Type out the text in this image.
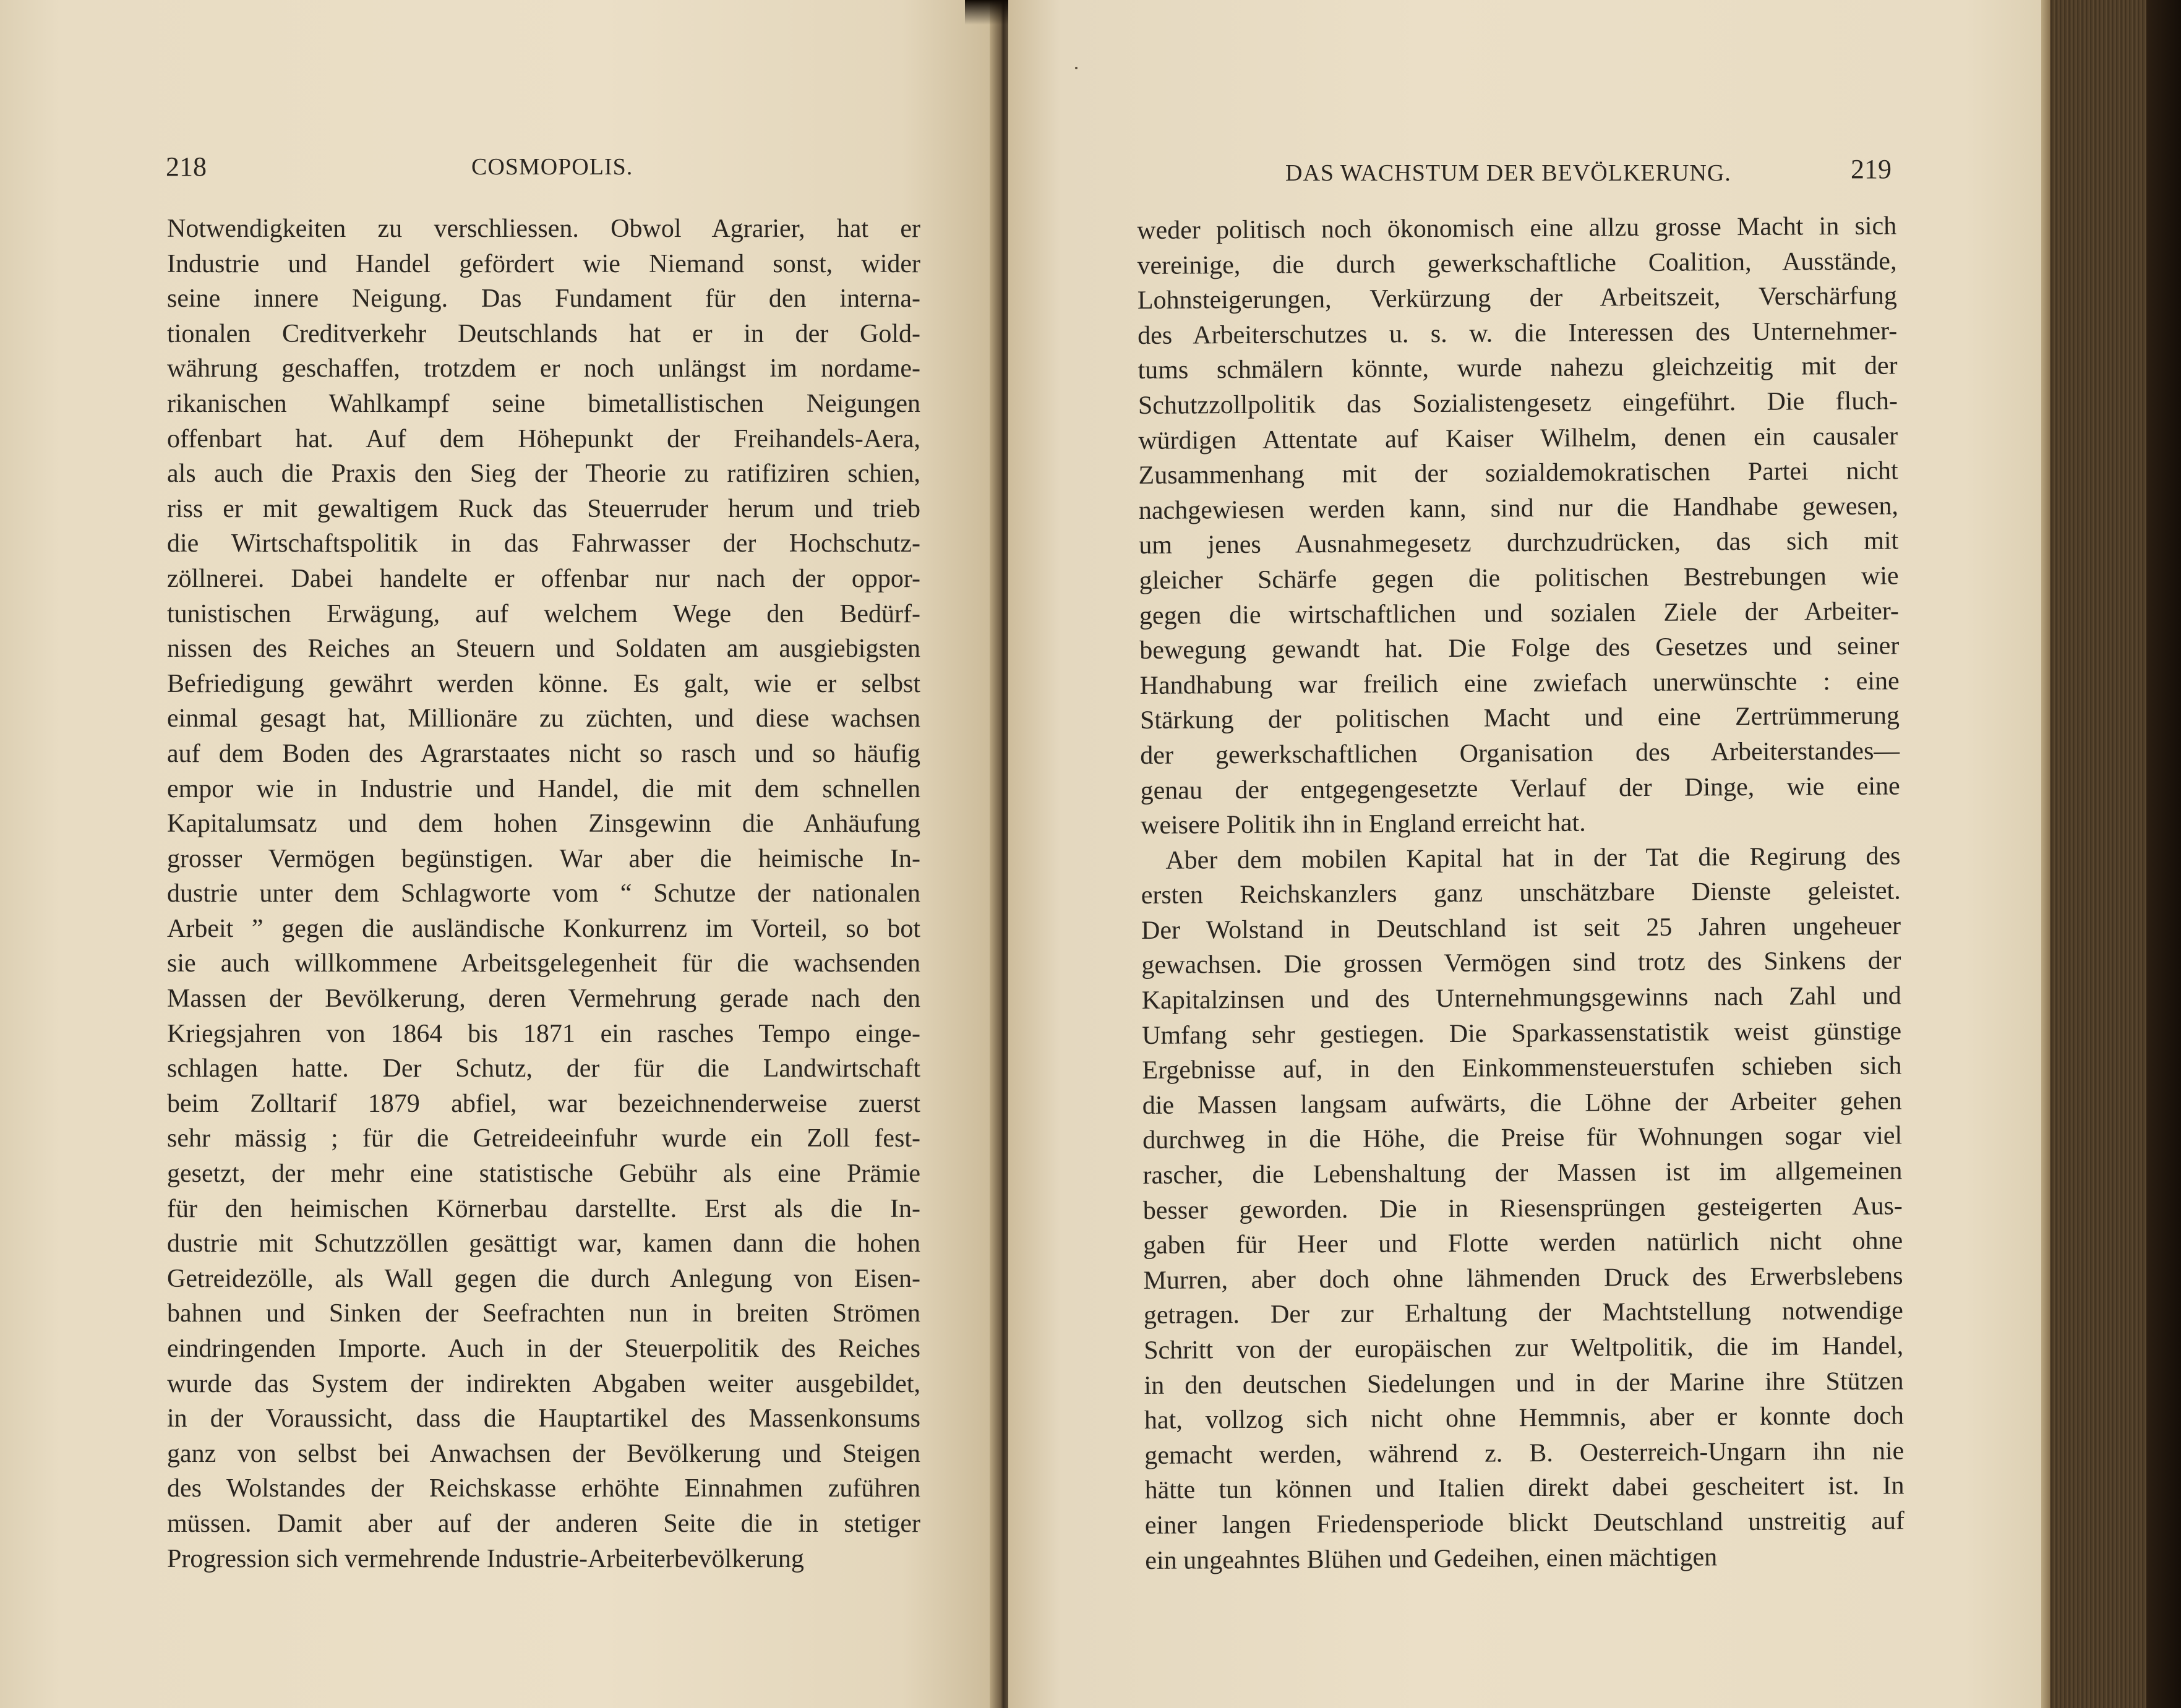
218	COSMOPOLIS.
Notwendigkeiten zu verschliessen. Obwol Agrarier, hat er
Industrie und Handel gefördert wie Niemand sonst, wider
seine innere Neigung. Das Fundament für den interna-
tionalen Creditverkehr Deutschlands hat er in der Gold-
währung geschaffen, trotzdem er noch unlängst im nordame-
rikanischen Wahlkampf seine bimetallistischen Neigungen
offenbart hat. Auf dem Höhepunkt der Freihandels-Aera,
als auch die Praxis den Sieg der Theorie zu ratifiziren schien,
riss er mit gewaltigem Ruck das Steuerruder herum und trieb
die Wirtschaftspolitik in das Fahrwasser der Hochschutz-
zöllnerei. Dabei handelte er offenbar nur nach der oppor-
tunistischen Erwägung, auf welchem Wege den Bedürf-
nissen des Reiches an Steuern und Soldaten am ausgiebigsten
Befriedigung gewährt werden könne. Es galt, wie er selbst
einmal gesagt hat, Millionäre zu züchten, und diese wachsen
auf dem Boden des Agrarstaates nicht so rasch und so häufig
empor wie in Industrie und Handel, die mit dem schnellen
Kapitalumsatz und dem hohen Zinsgewinn die Anhäufung
grosser Vermögen begünstigen. War aber die heimische In-
dustrie unter dem Schlagworte vom “ Schutze der nationalen
Arbeit ” gegen die ausländische Konkurrenz im Vorteil, so bot
sie auch willkommene Arbeitsgelegenheit für die wachsenden
Massen der Bevölkerung, deren Vermehrung gerade nach den
Kriegsjahren von 1864 bis 1871 ein rasches Tempo einge-
schlagen hatte. Der Schutz, der für die Landwirtschaft
beim Zolltarif 1879 abfiel, war bezeichnenderweise zuerst
sehr mässig ; für die Getreideeinfuhr wurde ein Zoll fest-
gesetzt, der mehr eine statistische Gebühr als eine Prämie
für den heimischen Körnerbau darstellte. Erst als die In-
dustrie mit Schutzzöllen gesättigt war, kamen dann die hohen
Getreidezölle, als Wall gegen die durch Anlegung von Eisen-
bahnen und Sinken der Seefrachten nun in breiten Strömen
eindringenden Importe. Auch in der Steuerpolitik des Reiches
wurde das System der indirekten Abgaben weiter ausgebildet,
in der Voraussicht, dass die Hauptartikel des Massenkonsums
ganz von selbst bei Anwachsen der Bevölkerung und Steigen
des Wolstandes der Reichskasse erhöhte Einnahmen zuführen
müssen. Damit aber auf der anderen Seite die in stetiger
Progression sich vermehrende Industrie-Arbeiterbevölkerung
DAS WACHSTUM DER BEVÖLKERUNG.	219
weder politisch noch ökonomisch eine allzu grosse Macht in sich
vereinige, die durch gewerkschaftliche Coalition, Ausstände,
Lohnsteigerungen, Verkürzung der Arbeitszeit, Verschärfung
des Arbeiterschutzes u. s. w. die Interessen des Unternehmer-
tums schmälern könnte, wurde nahezu gleichzeitig mit der
Schutzzollpolitik das Sozialistengesetz eingeführt. Die fluch-
würdigen Attentate auf Kaiser Wilhelm, denen ein causaler
Zusammenhang mit der sozialdemokratischen Partei nicht
nachgewiesen werden kann, sind nur die Handhabe gewesen,
um jenes Ausnahmegesetz durchzudrücken, das sich mit
gleicher Schärfe gegen die politischen Bestrebungen wie
gegen die wirtschaftlichen und sozialen Ziele der Arbeiter-
bewegung gewandt hat. Die Folge des Gesetzes und seiner
Handhabung war freilich eine zwiefach unerwünschte : eine
Stärkung der politischen Macht und eine Zertrümmerung
der gewerkschaftlichen Organisation des Arbeiterstandes—
genau der entgegengesetzte Verlauf der Dinge, wie eine
weisere Politik ihn in England erreicht hat.
Aber dem mobilen Kapital hat in der Tat die Regirung des
ersten Reichskanzlers ganz unschätzbare Dienste geleistet.
Der Wolstand in Deutschland ist seit 25 Jahren ungeheuer
gewachsen. Die grossen Vermögen sind trotz des Sinkens der
Kapitalzinsen und des Unternehmungsgewinns nach Zahl und
Umfang sehr gestiegen. Die Sparkassenstatistik weist günstige
Ergebnisse auf, in den Einkommensteuerstufen schieben sich
die Massen langsam aufwärts, die Löhne der Arbeiter gehen
durchweg in die Höhe, die Preise für Wohnungen sogar viel
rascher, die Lebenshaltung der Massen ist im allgemeinen
besser geworden. Die in Riesensprüngen gesteigerten Aus-
gaben für Heer und Flotte werden natürlich nicht ohne
Murren, aber doch ohne lähmenden Druck des Erwerbslebens
getragen. Der zur Erhaltung der Machtstellung notwendige
Schritt von der europäischen zur Weltpolitik, die im Handel,
in den deutschen Siedelungen und in der Marine ihre Stützen
hat, vollzog sich nicht ohne Hemmnis, aber er konnte doch
gemacht werden, während z. B. Oesterreich-Ungarn ihn nie
hätte tun können und Italien direkt dabei gescheitert ist. In
einer langen Friedensperiode blickt Deutschland unstreitig auf
ein ungeahntes Blühen und Gedeihen, einen mächtigen
